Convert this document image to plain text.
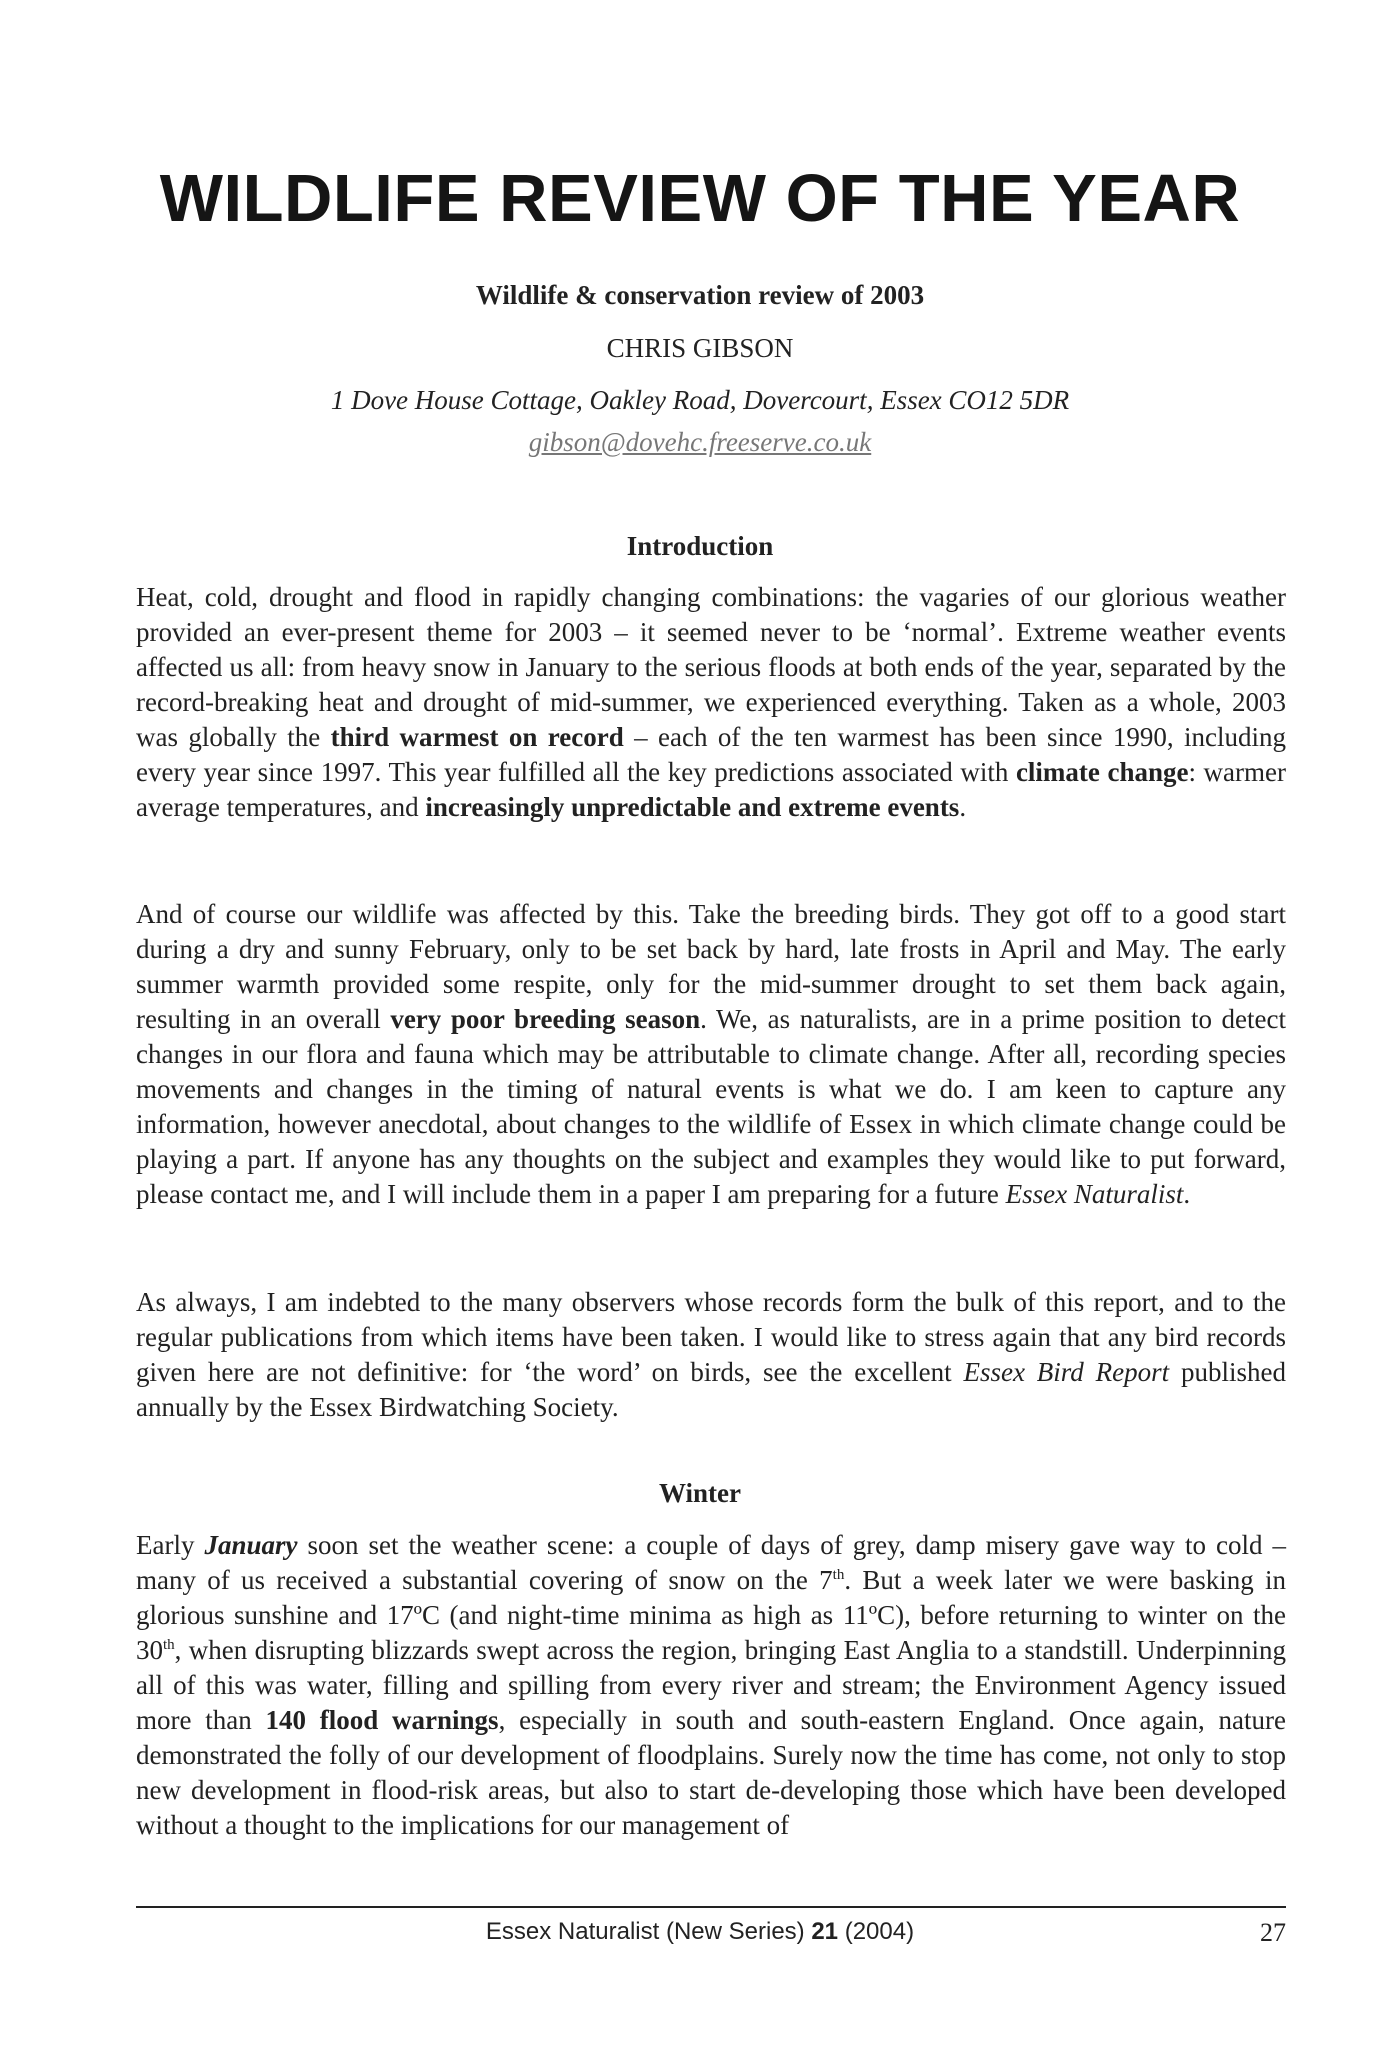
WILDLIFE REVIEW OF THE YEAR
Wildlife & conservation review of 2003
CHRIS GIBSON
1 Dove House Cottage, Oakley Road, Dovercourt, Essex CO12 5DR
gibson@dovehc.freeserve.co.uk
Introduction

Heat, cold, drought and flood in rapidly changing combinations: the vagaries of our glorious weather provided an ever-present theme for 2003 – it seemed never to be ‘normal’. Extreme weather events affected us all: from heavy snow in January to the serious floods at both ends of the year, separated by the record-breaking heat and drought of mid-summer, we experienced everything. Taken as a whole, 2003 was globally the third warmest on record – each of the ten warmest has been since 1990, including every year since 1997. This year fulfilled all the key predictions associated with climate change: warmer average temperatures, and increasingly unpredictable and extreme events.

And of course our wildlife was affected by this. Take the breeding birds. They got off to a good start during a dry and sunny February, only to be set back by hard, late frosts in April and May. The early summer warmth provided some respite, only for the mid-summer drought to set them back again, resulting in an overall very poor breeding season. We, as naturalists, are in a prime position to detect changes in our flora and fauna which may be attributable to climate change. After all, recording species movements and changes in the timing of natural events is what we do. I am keen to capture any information, however anecdotal, about changes to the wildlife of Essex in which climate change could be playing a part. If anyone has any thoughts on the subject and examples they would like to put forward, please contact me, and I will include them in a paper I am preparing for a future Essex Naturalist.

As always, I am indebted to the many observers whose records form the bulk of this report, and to the regular publications from which items have been taken. I would like to stress again that any bird records given here are not definitive: for ‘the word’ on birds, see the excellent Essex Bird Report published annually by the Essex Birdwatching Society.

Winter

Early January soon set the weather scene: a couple of days of grey, damp misery gave way to cold – many of us received a substantial covering of snow on the 7th. But a week later we were basking in glorious sunshine and 17ºC (and night-time minima as high as 11ºC), before returning to winter on the 30th, when disrupting blizzards swept across the region, bringing East Anglia to a standstill. Underpinning all of this was water, filling and spilling from every river and stream; the Environment Agency issued more than 140 flood warnings, especially in south and south-eastern England. Once again, nature demonstrated the folly of our development of floodplains. Surely now the time has come, not only to stop new development in flood-risk areas, but also to start de-developing those which have been developed without a thought to the implications for our management of

Essex Naturalist (New Series) 21 (2004)	27
